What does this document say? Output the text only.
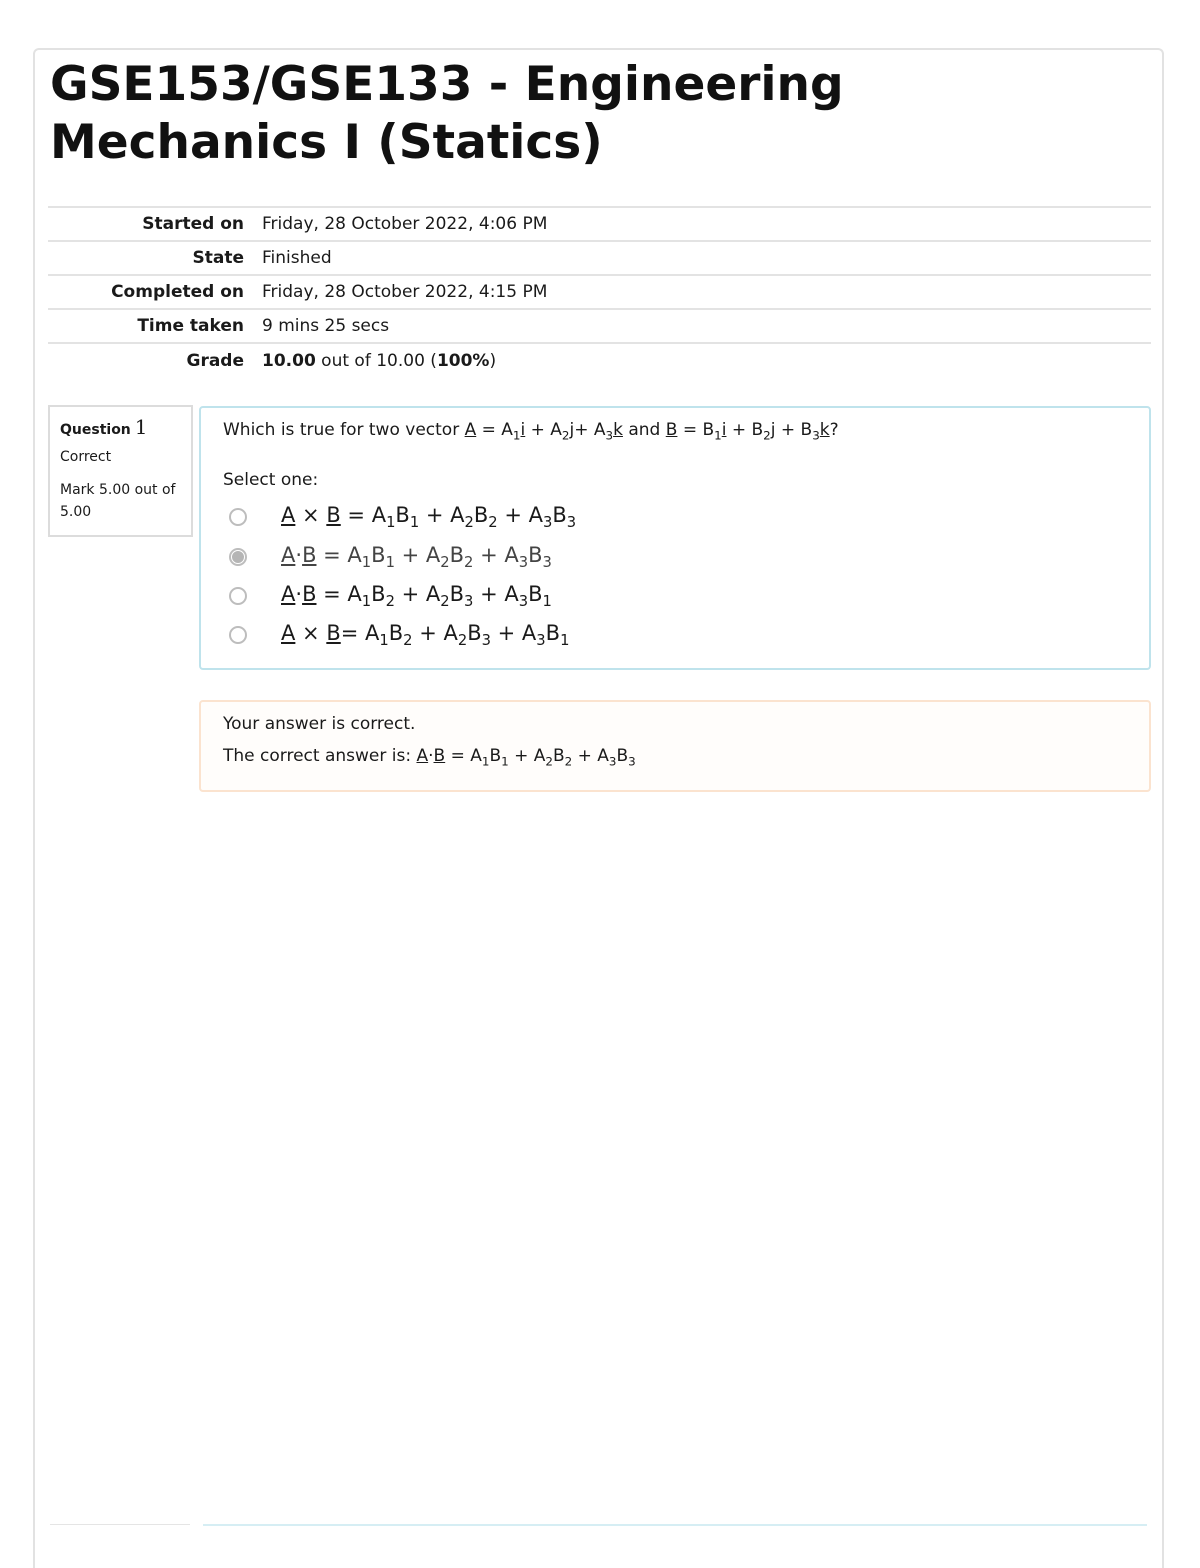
GSE153/GSE133 - Engineering Mechanics I (Statics)
Started on	Friday, 28 October 2022, 4:06 PM
State	Finished
Completed on	Friday, 28 October 2022, 4:15 PM
Time taken	9 mins 25 secs
Grade	10.00 out of 10.00 (100%)
Question 1
Correct
Mark 5.00 out of 5.00
Which is true for two vector $A = A_1i + A_2j+ A_3k$ and $B = B_1i + B_2j + B_3k$?
Select one:
$A \times B = A_1B_1 + A_2B_2 + A_3B_3$
$A\cdot B = A_1B_1 + A_2B_2 + A_3B_3$
$A\cdot B = A_1B_2 + A_2B_3 + A_3B_1$
$A \times B= A_1B_2 + A_2B_3 + A_3B_1$
Your answer is correct.
The correct answer is: $A\cdot B = A_1B_1 + A_2B_2 + A_3B_3$
